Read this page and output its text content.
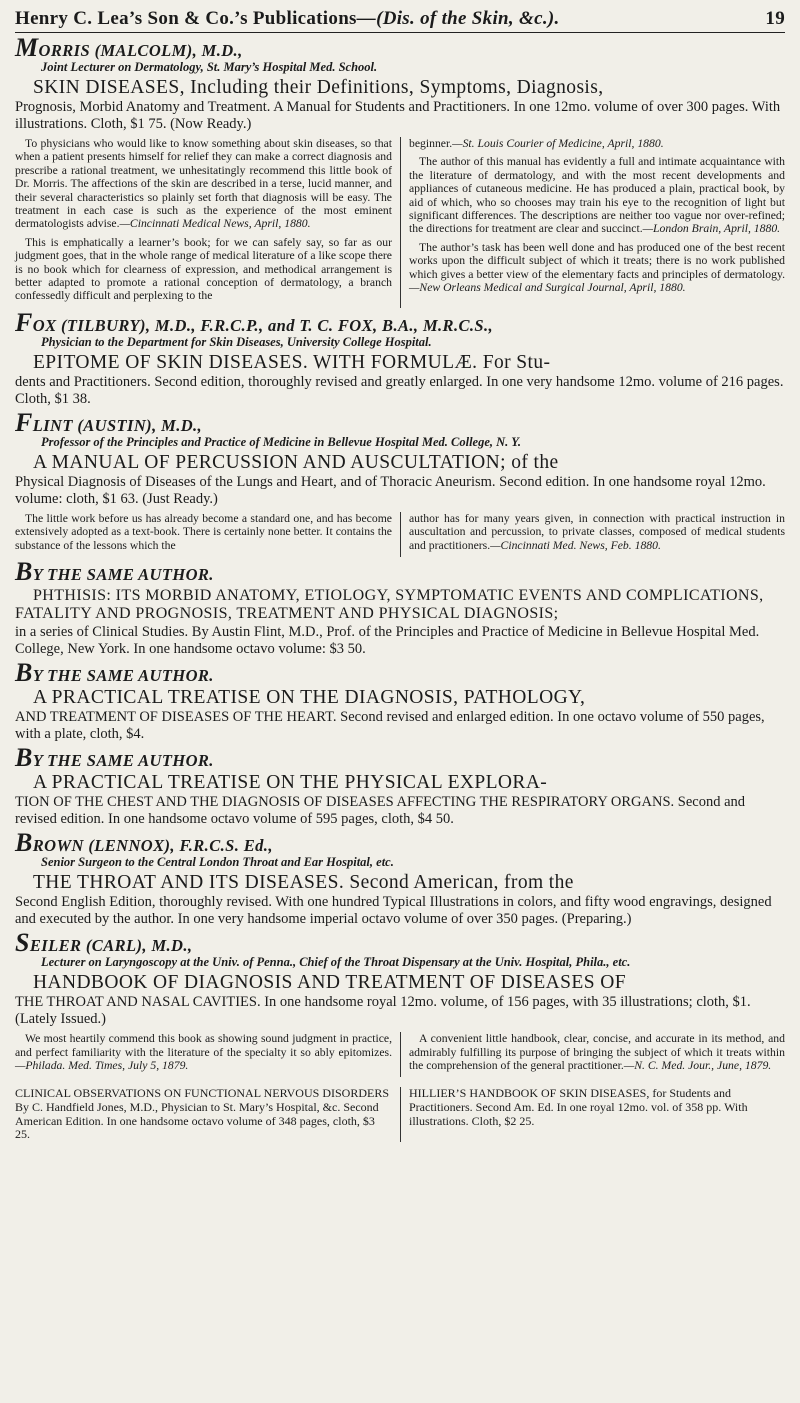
Henry C. Lea’s Son & Co.’s Publications—(Dis. of the Skin, &c.).	19
MORRIS (MALCOLM), M.D.,
Joint Lecturer on Dermatology, St. Mary’s Hospital Med. School.
SKIN DISEASES, Including their Definitions, Symptoms, Diagnosis,
Prognosis, Morbid Anatomy and Treatment. A Manual for Students and Practitioners. In one 12mo. volume of over 300 pages. With illustrations. Cloth, $1 75. (Now Ready.)

To physicians who would like to know something about skin diseases, so that when a patient presents himself for relief they can make a correct diagnosis and prescribe a rational treatment, we unhesitatingly recommend this little book of Dr. Morris. The affections of the skin are described in a terse, lucid manner, and their several characteristics so plainly set forth that diagnosis will be easy. The treatment in each case is such as the experience of the most eminent dermatologists advise.—Cincinnati Medical News, April, 1880.

This is emphatically a learner’s book; for we can safely say, so far as our judgment goes, that in the whole range of medical literature of a like scope there is no book which for clearness of expression, and methodical arrangement is better adapted to promote a rational conception of dermatology, a branch confessedly difficult and perplexing to the

beginner.—St. Louis Courier of Medicine, April, 1880.

The author of this manual has evidently a full and intimate acquaintance with the literature of dermatology, and with the most recent developments and appliances of cutaneous medicine. He has produced a plain, practical book, by aid of which, who so chooses may train his eye to the recognition of light but significant differences. The descriptions are neither too vague nor over-refined; the directions for treatment are clear and succinct.—London Brain, April, 1880.

The author’s task has been well done and has produced one of the best recent works upon the difficult subject of which it treats; there is no work published which gives a better view of the elementary facts and principles of dermatology.—New Orleans Medical and Surgical Journal, April, 1880.

FOX (TILBURY), M.D., F.R.C.P., and T. C. FOX, B.A., M.R.C.S.,
Physician to the Department for Skin Diseases, University College Hospital.
EPITOME OF SKIN DISEASES. WITH FORMULÆ. For Stu-
dents and Practitioners. Second edition, thoroughly revised and greatly enlarged. In one very handsome 12mo. volume of 216 pages. Cloth, $1 38.
FLINT (AUSTIN), M.D.,
Professor of the Principles and Practice of Medicine in Bellevue Hospital Med. College, N. Y.
A MANUAL OF PERCUSSION AND AUSCULTATION; of the
Physical Diagnosis of Diseases of the Lungs and Heart, and of Thoracic Aneurism. Second edition. In one handsome royal 12mo. volume: cloth, $1 63. (Just Ready.)

The little work before us has already become a standard one, and has become extensively adopted as a text-book. There is certainly none better. It contains the substance of the lessons which the

author has for many years given, in connection with practical instruction in auscultation and percussion, to private classes, composed of medical students and practitioners.—Cincinnati Med. News, Feb. 1880.

BY THE SAME AUTHOR.
PHTHISIS: ITS MORBID ANATOMY, ETIOLOGY, SYMPTOMATIC EVENTS AND COMPLICATIONS, FATALITY AND PROGNOSIS, TREATMENT AND PHYSICAL DIAGNOSIS;
in a series of Clinical Studies. By Austin Flint, M.D., Prof. of the Principles and Practice of Medicine in Bellevue Hospital Med. College, New York. In one handsome octavo volume: $3 50.
BY THE SAME AUTHOR.
A PRACTICAL TREATISE ON THE DIAGNOSIS, PATHOLOGY,
AND TREATMENT OF DISEASES OF THE HEART. Second revised and enlarged edition. In one octavo volume of 550 pages, with a plate, cloth, $4.
BY THE SAME AUTHOR.
A PRACTICAL TREATISE ON THE PHYSICAL EXPLORA-
TION OF THE CHEST AND THE DIAGNOSIS OF DISEASES AFFECTING THE RESPIRATORY ORGANS. Second and revised edition. In one handsome octavo volume of 595 pages, cloth, $4 50.
BROWN (LENNOX), F.R.C.S. Ed.,
Senior Surgeon to the Central London Throat and Ear Hospital, etc.
THE THROAT AND ITS DISEASES. Second American, from the
Second English Edition, thoroughly revised. With one hundred Typical Illustrations in colors, and fifty wood engravings, designed and executed by the author. In one very handsome imperial octavo volume of over 350 pages. (Preparing.)
SEILER (CARL), M.D.,
Lecturer on Laryngoscopy at the Univ. of Penna., Chief of the Throat Dispensary at the Univ. Hospital, Phila., etc.
HANDBOOK OF DIAGNOSIS AND TREATMENT OF DISEASES OF
THE THROAT AND NASAL CAVITIES. In one handsome royal 12mo. volume, of 156 pages, with 35 illustrations; cloth, $1. (Lately Issued.)

We most heartily commend this book as showing sound judgment in practice, and perfect familiarity with the literature of the specialty it so ably epitomizes.—Philada. Med. Times, July 5, 1879.

A convenient little handbook, clear, concise, and accurate in its method, and admirably fulfilling its purpose of bringing the subject of which it treats within the comprehension of the general practitioner.—N. C. Med. Jour., June, 1879.

CLINICAL OBSERVATIONS ON FUNCTIONAL NERVOUS DISORDERS By C. Handfield Jones, M.D., Physician to St. Mary’s Hospital, &c. Second American Edition. In one handsome octavo volume of 348 pages, cloth, $3 25.
HILLIER’S HANDBOOK OF SKIN DISEASES, for Students and Practitioners. Second Am. Ed. In one royal 12mo. vol. of 358 pp. With illustrations. Cloth, $2 25.
